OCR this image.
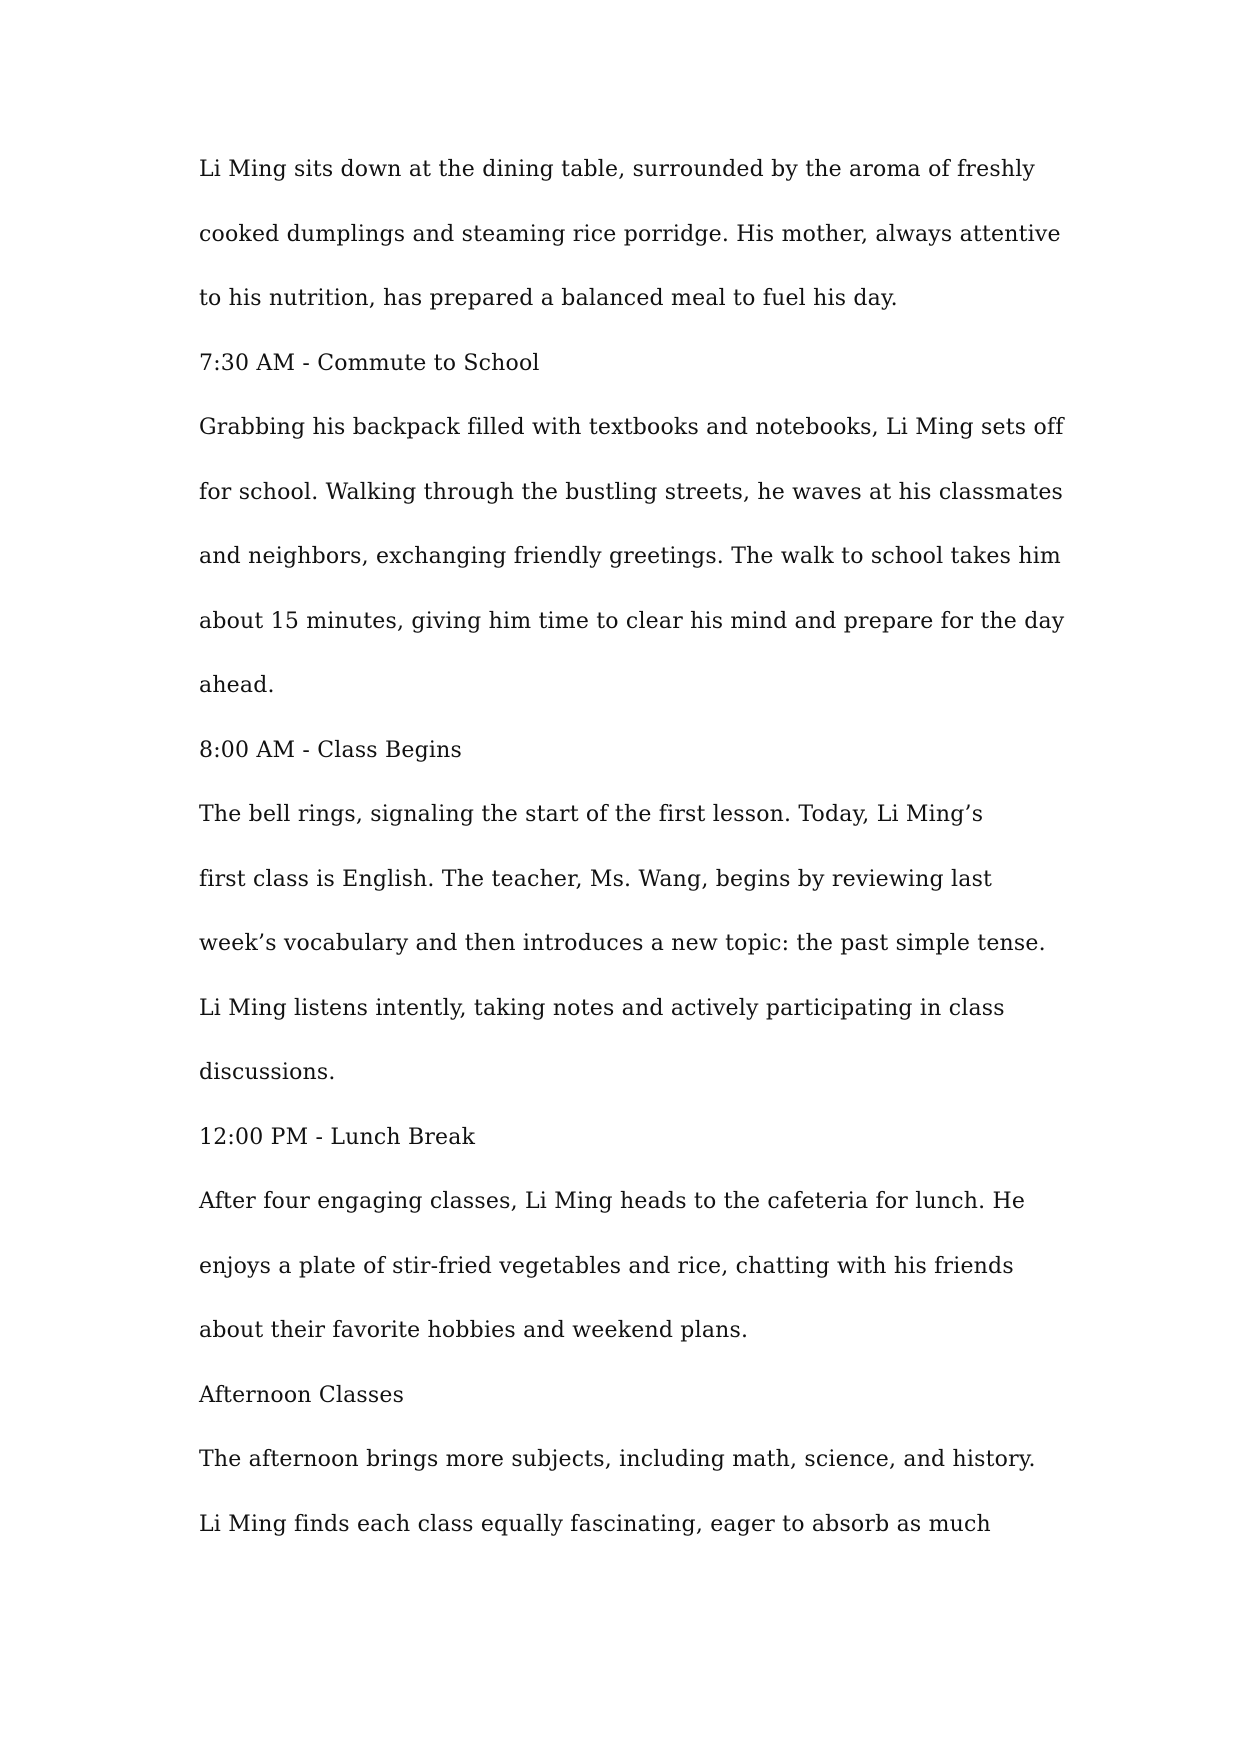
Li Ming sits down at the dining table, surrounded by the aroma of freshly

cooked dumplings and steaming rice porridge. His mother, always attentive

to his nutrition, has prepared a balanced meal to fuel his day.

7:30 AM - Commute to School

Grabbing his backpack filled with textbooks and notebooks, Li Ming sets off

for school. Walking through the bustling streets, he waves at his classmates

and neighbors, exchanging friendly greetings. The walk to school takes him

about 15 minutes, giving him time to clear his mind and prepare for the day

ahead.

8:00 AM - Class Begins

The bell rings, signaling the start of the first lesson. Today, Li Ming’s

first class is English. The teacher, Ms. Wang, begins by reviewing last

week’s vocabulary and then introduces a new topic: the past simple tense.

Li Ming listens intently, taking notes and actively participating in class

discussions.

12:00 PM - Lunch Break

After four engaging classes, Li Ming heads to the cafeteria for lunch. He

enjoys a plate of stir-fried vegetables and rice, chatting with his friends

about their favorite hobbies and weekend plans.

Afternoon Classes

The afternoon brings more subjects, including math, science, and history.

Li Ming finds each class equally fascinating, eager to absorb as much
